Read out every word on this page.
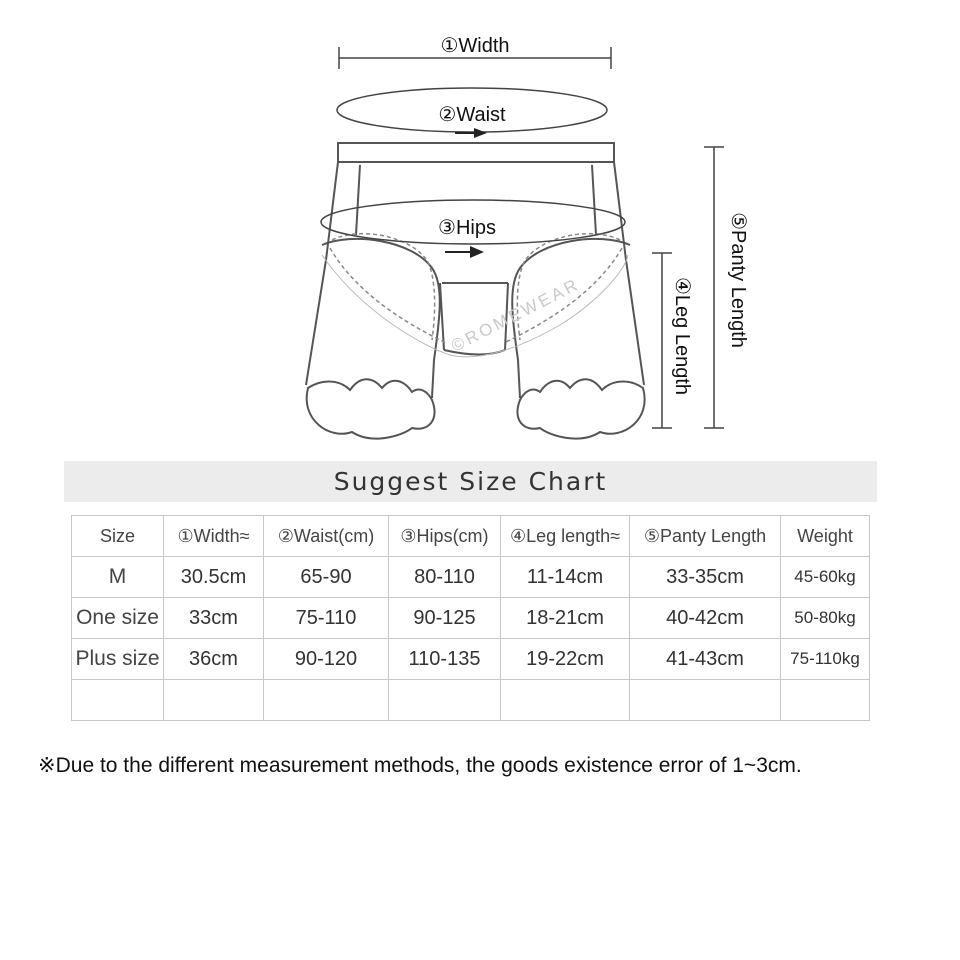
①Width
②Waist
©ROMEWEAR
③Hips
④Leg Length ⑤Panty Length
Suggest Size Chart
Size	①Width≈	②Waist(cm)	③Hips(cm)	④Leg length≈	⑤Panty Length	Weight
M	30.5cm	65-90	80-110	11-14cm	33-35cm	45-60kg
One size	33cm	75-110	90-125	18-21cm	40-42cm	50-80kg
Plus size	36cm	90-120	110-135	19-22cm	41-43cm	75-110kg

※Due to the different measurement methods, the goods existence error of 1~3cm.
